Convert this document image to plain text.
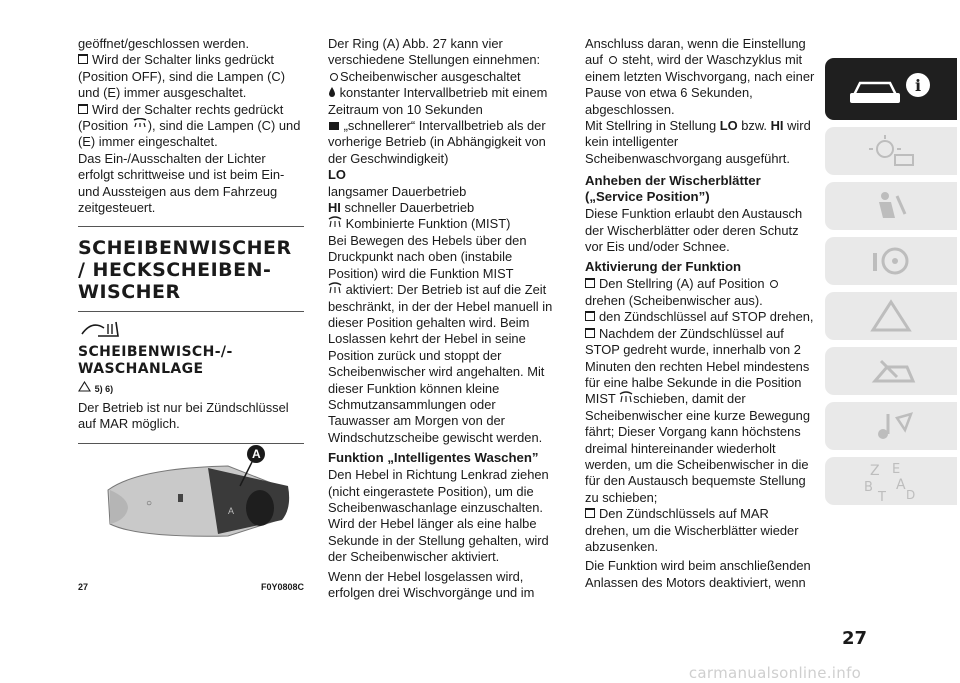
geöffnet/geschlossen werden.

Wird der Schalter links gedrückt (Position OFF), sind die Lampen (C) und (E) immer ausgeschaltet.

Wird der Schalter rechts gedrückt (Position ), sind die Lampen (C) und (E) immer eingeschaltet.

Das Ein-/Ausschalten der Lichter erfolgt schrittweise und ist beim Ein- und Aussteigen aus dem Fahrzeug zeitgesteuert.

SCHEIBENWISCHER / HECKSCHEIBEN-WISCHER
SCHEIBENWISCH-/-WASCHANLAGE
5) 6)

Der Betrieb ist nur bei Zündschlüssel auf MAR möglich.

○
A
A
27	F0Y0808C

Der Ring (A) Abb. 27 kann vier verschiedene Stellungen einnehmen:

Scheibenwischer ausgeschaltet

konstanter Intervallbetrieb mit einem Zeitraum von 10 Sekunden

„schnellerer“ Intervallbetrieb als der vorherige Betrieb (in Abhängigkeit von der Geschwindigkeit)

LO

langsamer Dauerbetrieb

HI schneller Dauerbetrieb

Kombinierte Funktion (MIST)

Bei Bewegen des Hebels über den Druckpunkt nach oben (instabile Position) wird die Funktion MIST

aktiviert: Der Betrieb ist auf die Zeit beschränkt, in der der Hebel manuell in dieser Position gehalten wird. Beim Loslassen kehrt der Hebel in seine Position zurück und stoppt der Scheibenwischer wird angehalten. Mit dieser Funktion können kleine Schmutzansammlungen oder Tauwasser am Morgen von der Windschutzscheibe gewischt werden.

Funktion „Intelligentes Waschen”

Den Hebel in Richtung Lenkrad ziehen (nicht eingerastete Position), um die Scheibenwaschanlage einzuschalten. Wird der Hebel länger als eine halbe Sekunde in der Stellung gehalten, wird der Scheibenwischer aktiviert.

Wenn der Hebel losgelassen wird, erfolgen drei Wischvorgänge und im

Anschluss daran, wenn die Einstellung auf steht, wird der Waschzyklus mit einem letzten Wischvorgang, nach einer Pause von etwa 6 Sekunden, abgeschlossen.

Mit Stellring in Stellung LO bzw. HI wird kein intelligenter Scheibenwaschvorgang ausgeführt.

Anheben der Wischerblätter („Service Position”)

Diese Funktion erlaubt den Austausch der Wischerblätter oder deren Schutz vor Eis und/oder Schnee.

Aktivierung der Funktion

Den Stellring (A) auf Position  drehen (Scheibenwischer aus).

den Zündschlüssel auf STOP drehen,

Nachdem der Zündschlüssel auf STOP gedreht wurde, innerhalb von 2 Minuten den rechten Hebel mindestens für eine halbe Sekunde in die Position MIST schieben, damit der Scheibenwischer eine kurze Bewegung fährt; Dieser Vorgang kann höchstens dreimal hintereinander wiederholt werden, um die Scheibenwischer in die für den Austausch bequemste Stellung zu schieben;

Den Zündschlüssels auf MAR drehen, um die Wischerblätter wieder abzusenken.

Die Funktion wird beim anschließenden Anlassen des Motors deaktiviert, wenn

i
Z E
B A
T D
27
carmanualsonline.info
